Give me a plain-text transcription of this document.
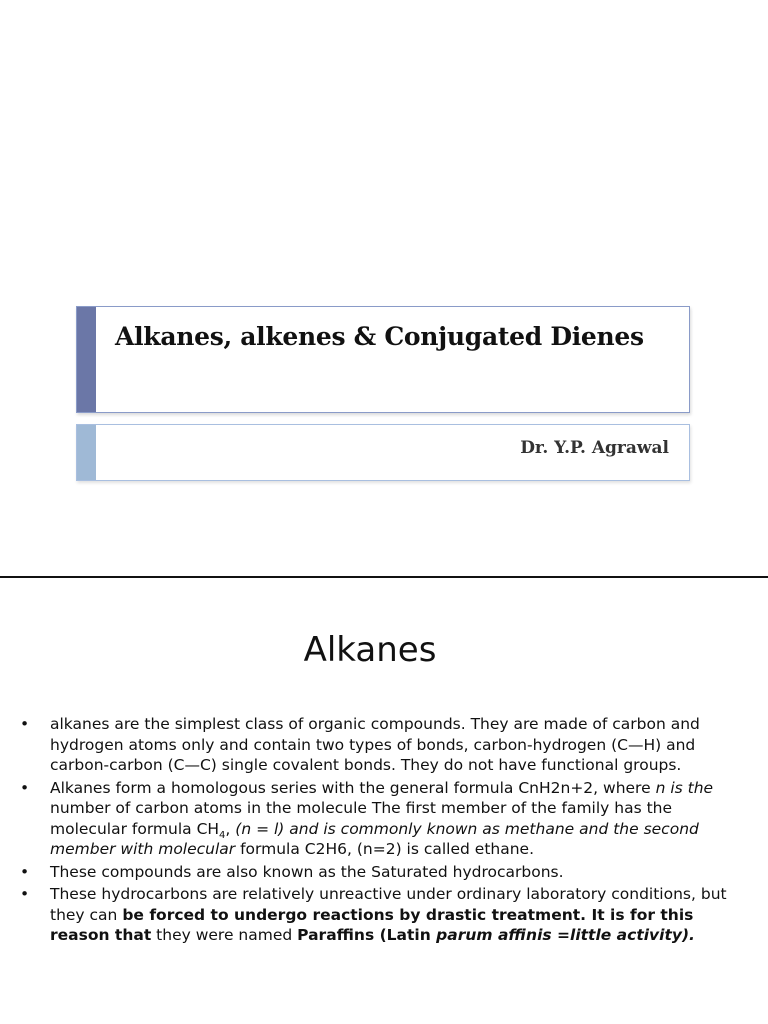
Alkanes, alkenes & Conjugated Dienes
Dr. Y.P. Agrawal
Alkanes
• alkanes are the simplest class of organic compounds. They are made of carbon and hydrogen atoms only and contain two types of bonds, carbon-hydrogen (C—H) and carbon-carbon (C—C) single covalent bonds. They do not have functional groups.
• Alkanes form a homologous series with the general formula CnH2n+2, where n is the number of carbon atoms in the molecule The first member of the family has the molecular formula $CH_4$, (n = l) and is commonly known as methane and the second member with molecular formula C2H6, (n=2) is called ethane.
• These compounds are also known as the Saturated hydrocarbons.
• These hydrocarbons are relatively unreactive under ordinary laboratory conditions, but they can be forced to undergo reactions by drastic treatment. It is for this reason that they were named Paraffins (Latin parum affinis =little activity).
